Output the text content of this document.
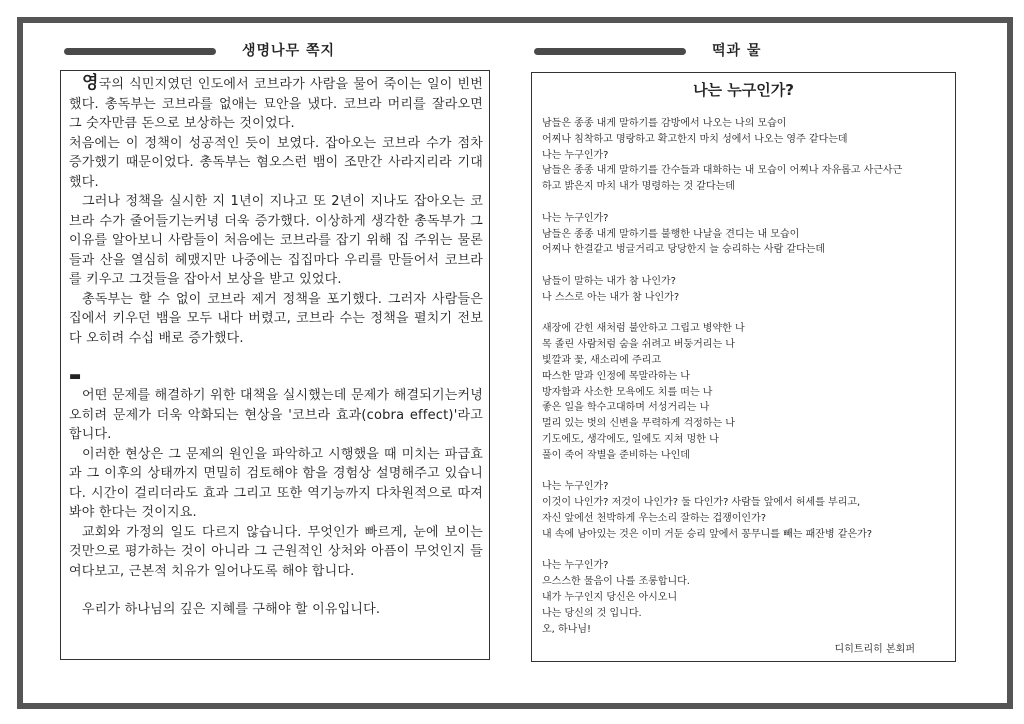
생명나무 쪽지	떡과 물

영국의 식민지였던 인도에서 코브라가 사람을 물어 죽이는 일이 빈번했다. 총독부는 코브라를 없애는 묘안을 냈다. 코브라 머리를 잘라오면 그 숫자만큼 돈으로 보상하는 것이었다.

처음에는 이 정책이 성공적인 듯이 보였다. 잡아오는 코브라 수가 점차 증가했기 때문이었다. 총독부는 혐오스런 뱀이 조만간 사라지리라 기대했다.

그러나 정책을 실시한 지 1년이 지나고 또 2년이 지나도 잡아오는 코브라 수가 줄어들기는커녕 더욱 증가했다. 이상하게 생각한 총독부가 그 이유를 알아보니 사람들이 처음에는 코브라를 잡기 위해 집 주위는 물론 들과 산을 열심히 헤맸지만 나중에는 집집마다 우리를 만들어서 코브라를 키우고 그것들을 잡아서 보상을 받고 있었다.

총독부는 할 수 없이 코브라 제거 정책을 포기했다. 그러자 사람들은 집에서 키우던 뱀을 모두 내다 버렸고, 코브라 수는 정책을 펼치기 전보다 오히려 수십 배로 증가했다.

▬

어떤 문제를 해결하기 위한 대책을 실시했는데 문제가 해결되기는커녕 오히려 문제가 더욱 악화되는 현상을 '코브라 효과(cobra effect)'라고 합니다.

이러한 현상은 그 문제의 원인을 파악하고 시행했을 때 미치는 파급효과 그 이후의 상태까지 면밀히 검토해야 함을 경험상 설명해주고 있습니다. 시간이 걸리더라도 효과 그리고 또한 역기능까지 다차원적으로 따져봐야 한다는 것이지요.

교회와 가정의 일도 다르지 않습니다. 무엇인가 빠르게, 눈에 보이는 것만으로 평가하는 것이 아니라 그 근원적인 상처와 아픔이 무엇인지 들여다보고, 근본적 치유가 일어나도록 해야 합니다.

우리가 하나님의 깊은 지혜를 구해야 할 이유입니다.

나는 누구인가?
남들은 종종 내게 말하기를 감방에서 나오는 나의 모습이
어찌나 침착하고 명랑하고 확고한지 마치 성에서 나오는 영주 같다는데
나는 누구인가?
남들은 종종 내게 말하기를 간수들과 대화하는 내 모습이 어찌나 자유롭고 사근사근
하고 밝은지 마치 내가 명령하는 것 같다는데
나는 누구인가?
남들은 종종 내게 말하기를 불행한 나날을 견디는 내 모습이
어찌나 한결같고 벙글거리고 당당한지 늘 승리하는 사람 같다는데
남들이 말하는 내가 참 나인가?
나 스스로 아는 내가 참 나인가?
새장에 갇힌 새처럼 불안하고 그립고 병약한 나
목 졸린 사람처럼 숨을 쉬려고 버둥거리는 나
빛깔과 꽃, 새소리에 주리고
따스한 말과 인정에 목말라하는 나
방자함과 사소한 모욕에도 치를 떠는 나
좋은 일을 학수고대하며 서성거리는 나
멀리 있는 벗의 신변을 무력하게 걱정하는 나
기도에도, 생각에도, 일에도 지쳐 멍한 나
풀이 죽어 작별을 준비하는 나인데
나는 누구인가?
이것이 나인가? 저것이 나인가? 둘 다인가? 사람들 앞에서 허세를 부리고,
자신 앞에선 천박하게 우는소리 잘하는 겁쟁이인가?
내 속에 남아있는 것은 이미 거둔 승리 앞에서 꽁무니를 빼는 패잔병 같은가?
나는 누구인가?
으스스한 물음이 나를 조롱합니다.
내가 누구인지 당신은 아시오니
나는 당신의 것 입니다.
오, 하나님!
디히트리히 본회퍼
